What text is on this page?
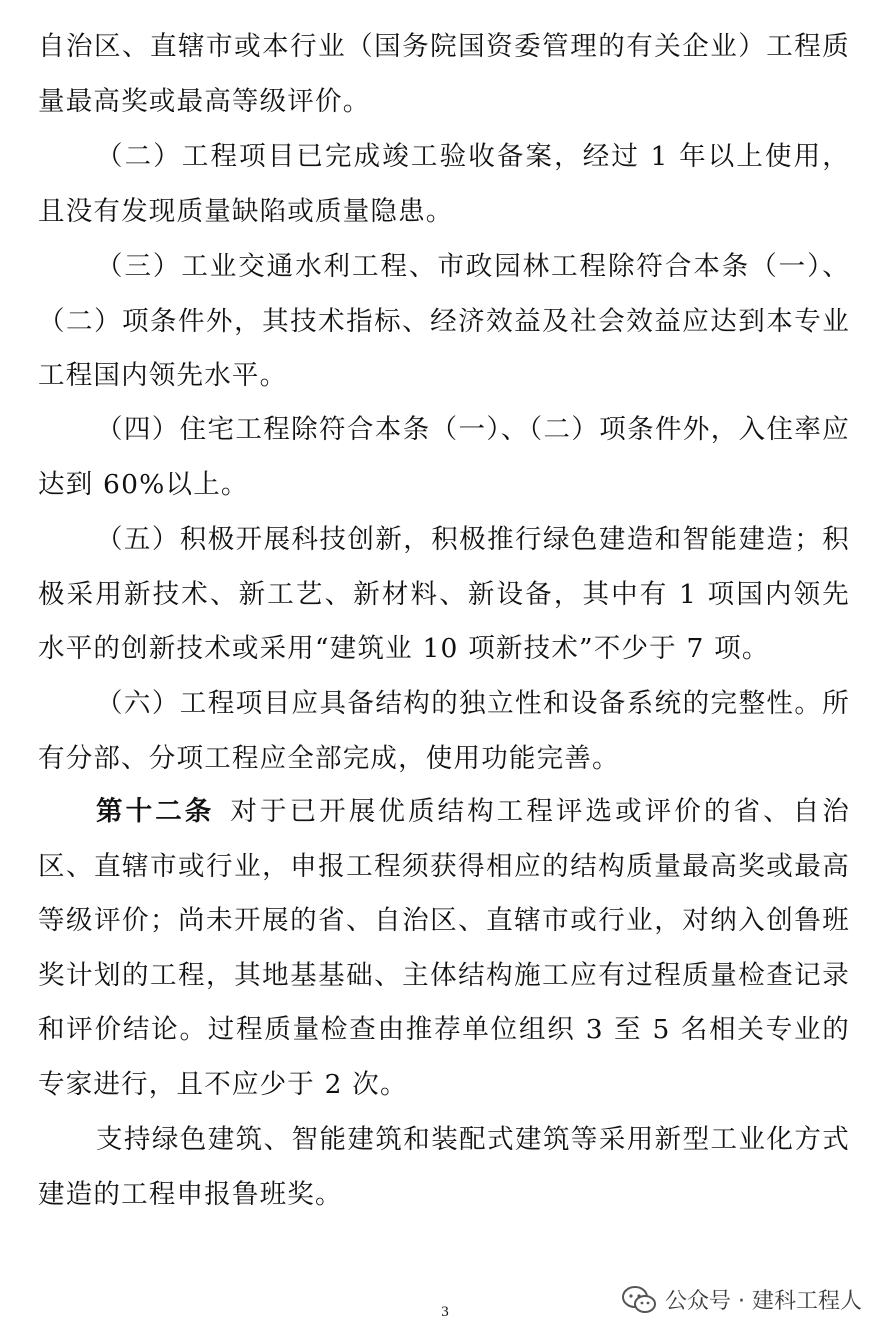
自治区、直辖市或本行业（国务院国资委管理的有关企业）工程质量最高奖或最高等级评价。

（二）工程项目已完成竣工验收备案，经过 1 年以上使用，且没有发现质量缺陷或质量隐患。

（三）工业交通水利工程、市政园林工程除符合本条（一）、（二）项条件外，其技术指标、经济效益及社会效益应达到本专业工程国内领先水平。

（四）住宅工程除符合本条（一）、（二）项条件外，入住率应达到 60%以上。

（五）积极开展科技创新，积极推行绿色建造和智能建造；积极采用新技术、新工艺、新材料、新设备，其中有 1 项国内领先水平的创新技术或采用“建筑业 10 项新技术”不少于 7 项。

（六）工程项目应具备结构的独立性和设备系统的完整性。所有分部、分项工程应全部完成，使用功能完善。

第十二条 对于已开展优质结构工程评选或评价的省、自治区、直辖市或行业，申报工程须获得相应的结构质量最高奖或最高等级评价；尚未开展的省、自治区、直辖市或行业，对纳入创鲁班奖计划的工程，其地基基础、主体结构施工应有过程质量检查记录和评价结论。过程质量检查由推荐单位组织 3 至 5 名相关专业的专家进行，且不应少于 2 次。

支持绿色建筑、智能建筑和装配式建筑等采用新型工业化方式建造的工程申报鲁班奖。

3	公众号 · 建科工程人
